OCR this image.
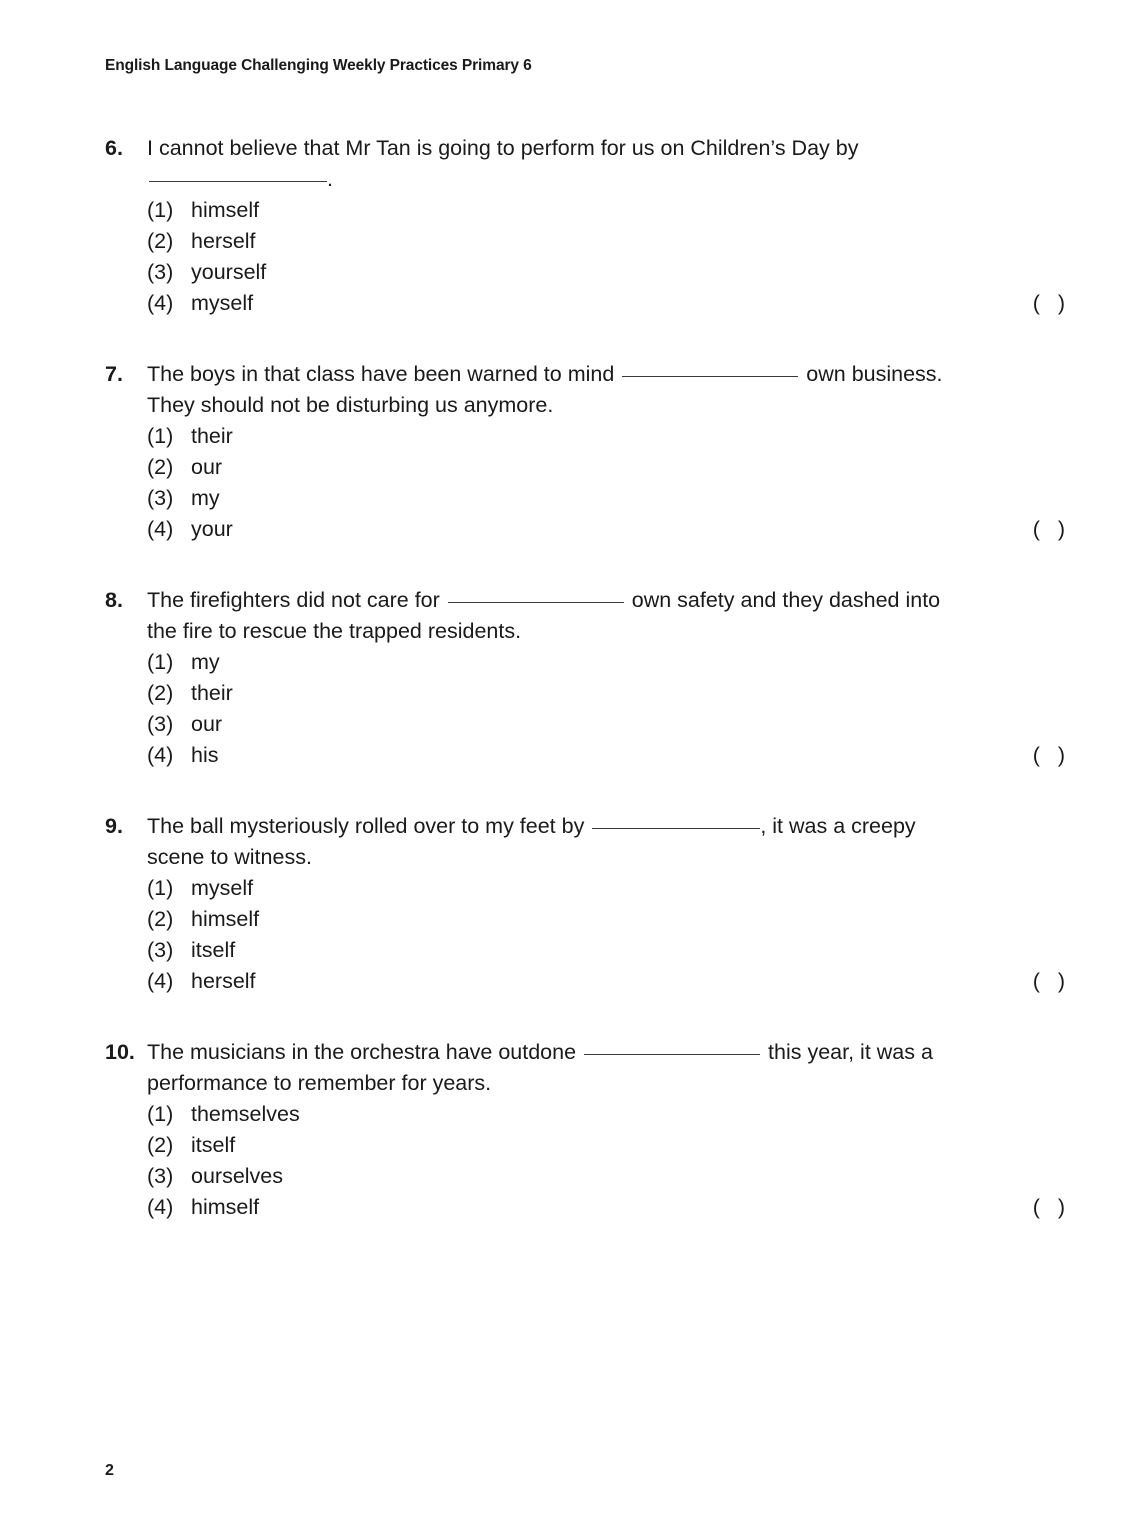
English Language Challenging Weekly Practices Primary 6
6.	I cannot believe that Mr Tan is going to perform for us on Children’s Day by
.
(1) himself
(2) herself
(3) yourself
(4) myself	( )
7.	The boys in that class have been warned to mind	own business.
They should not be disturbing us anymore.
(1) their
(2) our
(3) my
(4) your	( )
8.	The firefighters did not care for	own safety and they dashed into
the fire to rescue the trapped residents.
(1) my
(2) their
(3) our
(4) his	( )
9.	The ball mysteriously rolled over to my feet by	, it was a creepy
scene to witness.
(1) myself
(2) himself
(3) itself
(4) herself	( )
10. The musicians in the orchestra have outdone	this year, it was a
performance to remember for years.
(1) themselves
(2) itself
(3) ourselves
(4) himself	( )
2
